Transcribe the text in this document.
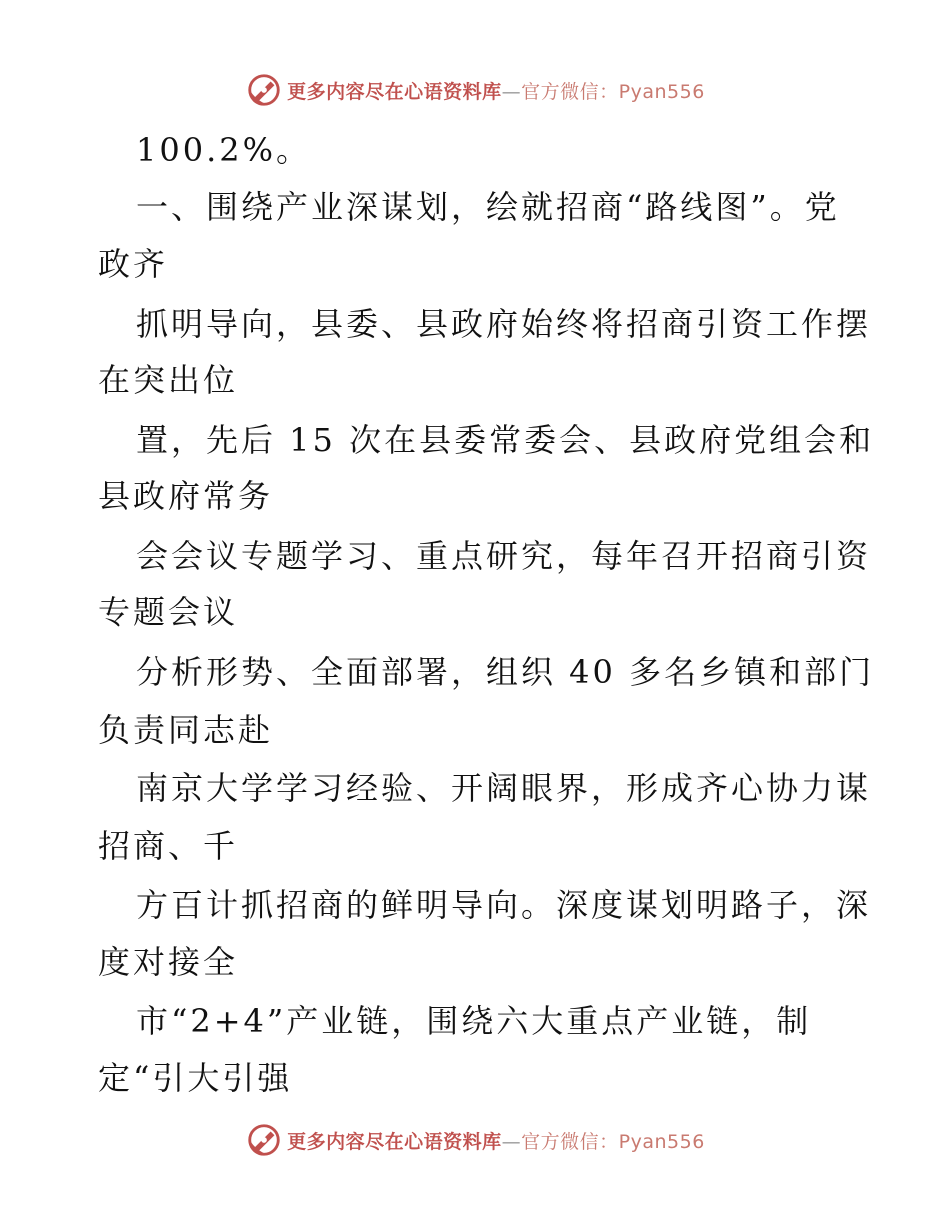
更多内容尽在心语资料库—官方微信：Pyan556
100.2%。
一、围绕产业深谋划，绘就招商“路线图”。党
政齐
抓明导向，县委、县政府始终将招商引资工作摆
在突出位
置，先后 15 次在县委常委会、县政府党组会和
县政府常务
会会议专题学习、重点研究，每年召开招商引资
专题会议
分析形势、全面部署，组织 40 多名乡镇和部门
负责同志赴
南京大学学习经验、开阔眼界，形成齐心协力谋
招商、千
方百计抓招商的鲜明导向。深度谋划明路子，深
度对接全
市“2+4”产业链，围绕六大重点产业链，制
定“引大引强
更多内容尽在心语资料库—官方微信：Pyan556
